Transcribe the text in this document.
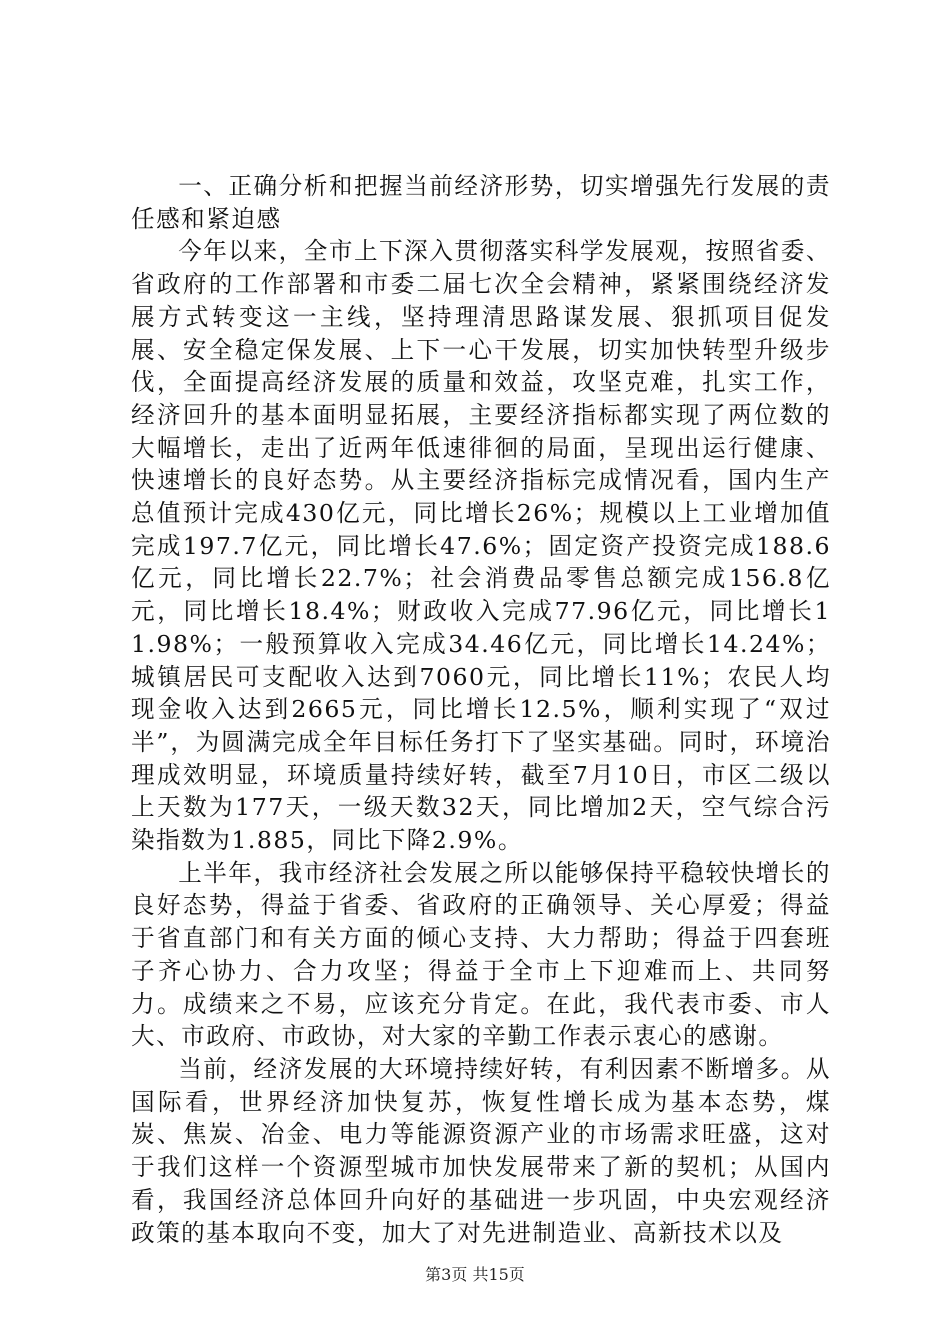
一、正确分析和把握当前经济形势，切实增强先行发展的责任感和紧迫感

今年以来，全市上下深入贯彻落实科学发展观，按照省委、省政府的工作部署和市委二届七次全会精神，紧紧围绕经济发展方式转变这一主线，坚持理清思路谋发展、狠抓项目促发展、安全稳定保发展、上下一心干发展，切实加快转型升级步伐，全面提高经济发展的质量和效益，攻坚克难，扎实工作，经济回升的基本面明显拓展，主要经济指标都实现了两位数的大幅增长，走出了近两年低速徘徊的局面，呈现出运行健康、快速增长的良好态势。从主要经济指标完成情况看，国内生产总值预计完成430亿元，同比增长26%；规模以上工业增加值完成197.7亿元，同比增长47.6%；固定资产投资完成188.6亿元，同比增长22.7%；社会消费品零售总额完成156.8亿元，同比增长18.4%；财政收入完成77.96亿元，同比增长11.98%；一般预算收入完成34.46亿元，同比增长14.24%；城镇居民可支配收入达到7060元，同比增长11%；农民人均现金收入达到2665元，同比增长12.5%，顺利实现了“双过半”，为圆满完成全年目标任务打下了坚实基础。同时，环境治理成效明显，环境质量持续好转，截至7月10日，市区二级以上天数为177天，一级天数32天，同比增加2天，空气综合污染指数为1.885，同比下降2.9%。

上半年，我市经济社会发展之所以能够保持平稳较快增长的良好态势，得益于省委、省政府的正确领导、关心厚爱；得益于省直部门和有关方面的倾心支持、大力帮助；得益于四套班子齐心协力、合力攻坚；得益于全市上下迎难而上、共同努力。成绩来之不易，应该充分肯定。在此，我代表市委、市人大、市政府、市政协，对大家的辛勤工作表示衷心的感谢。

当前，经济发展的大环境持续好转，有利因素不断增多。从国际看，世界经济加快复苏，恢复性增长成为基本态势，煤炭、焦炭、冶金、电力等能源资源产业的市场需求旺盛，这对于我们这样一个资源型城市加快发展带来了新的契机；从国内看，我国经济总体回升向好的基础进一步巩固，中央宏观经济政策的基本取向不变，加大了对先进制造业、高新技术以及

第3页 共15页
